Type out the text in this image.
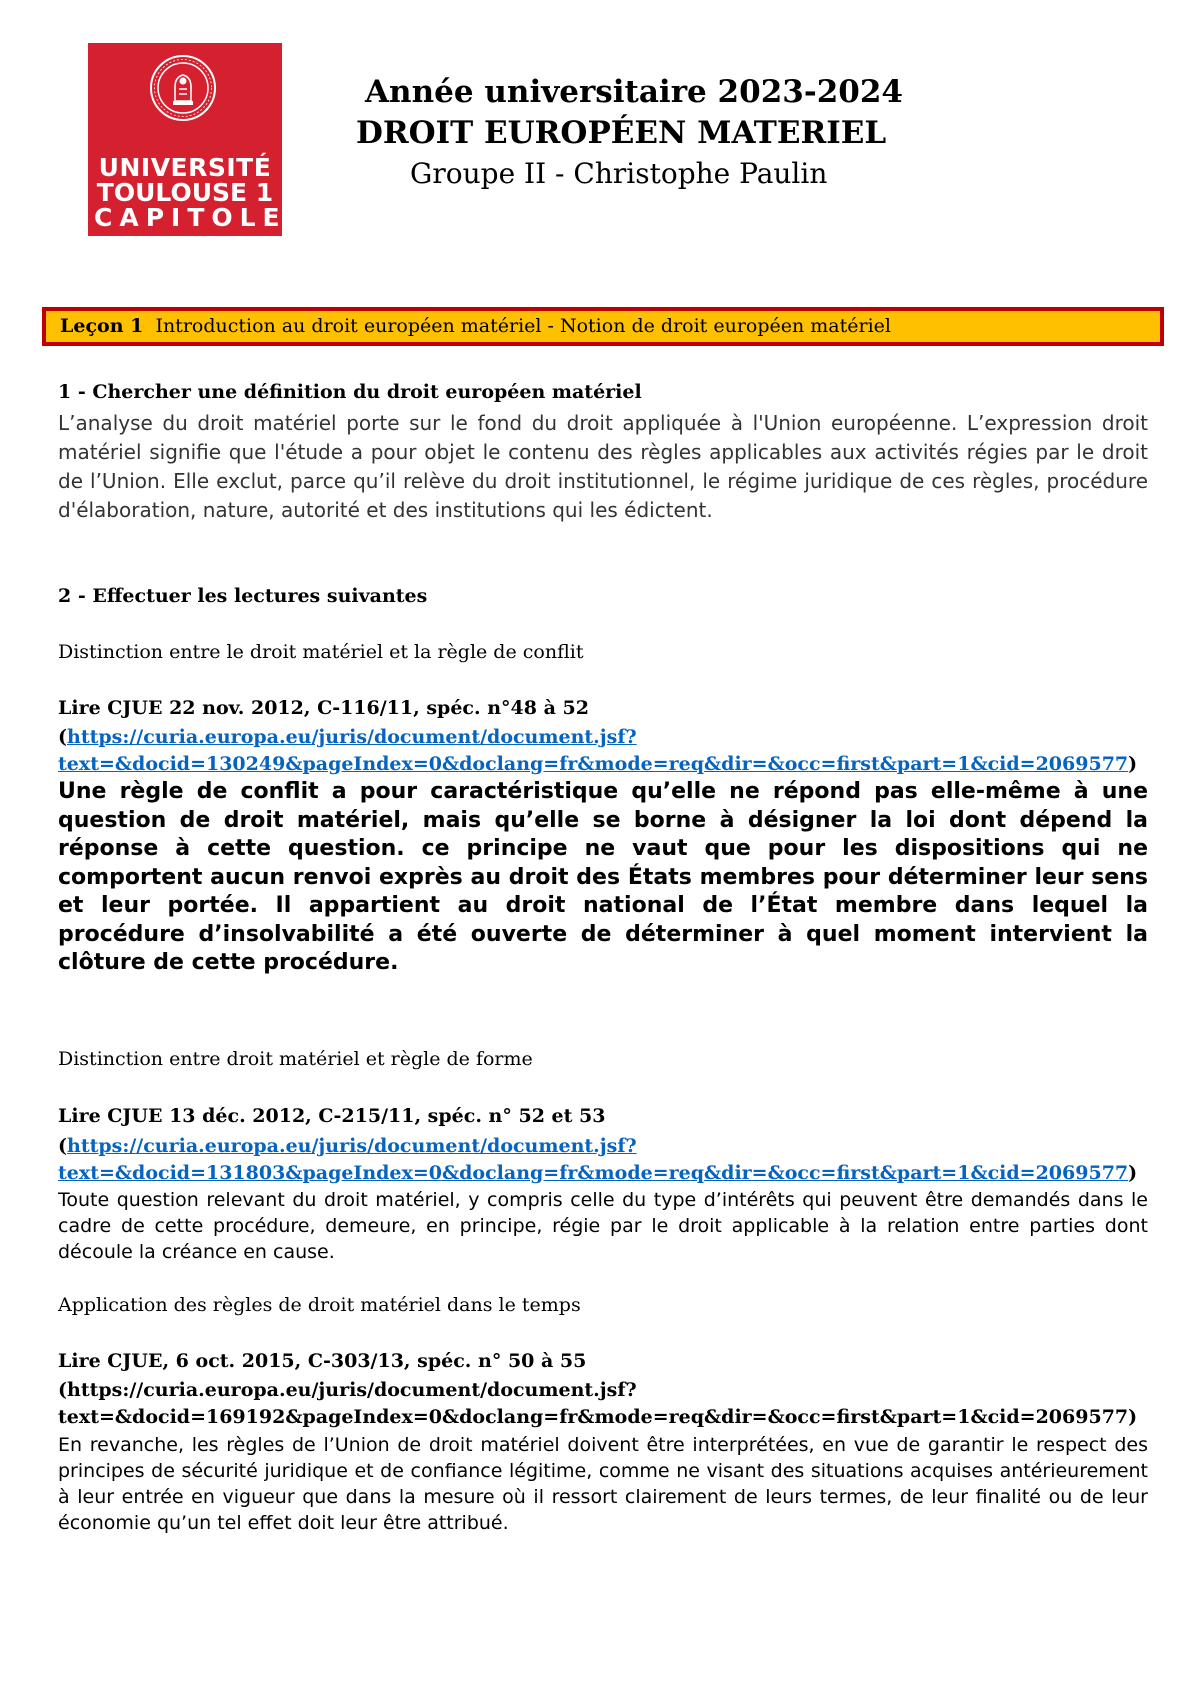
UNIVERSITÉ
TOULOUSE 1
CAPITOLE
Année universitaire 2023-2024
DROIT EUROPÉEN MATERIEL
Groupe II - Christophe Paulin
Leçon 1 Introduction au droit européen matériel - Notion de droit européen matériel
1 - Chercher une définition du droit européen matériel
L’analyse du droit matériel porte sur le fond du droit appliquée à l'Union européenne. L’expression droit matériel signifie que l'étude a pour objet le contenu des règles applicables aux activités régies par le droit de l’Union. Elle exclut, parce qu’il relève du droit institutionnel, le régime juridique de ces règles, procédure d'élaboration, nature, autorité et des institutions qui les édictent.
2 - Effectuer les lectures suivantes
Distinction entre le droit matériel et la règle de conflit
Lire CJUE 22 nov. 2012, C-116/11, spéc. n°48 à 52
(https://curia.europa.eu/juris/document/document.jsf?
text=&docid=130249&pageIndex=0&doclang=fr&mode=req&dir=&occ=first&part=1&cid=2069577)
Une règle de conflit a pour caractéristique qu’elle ne répond pas elle-même à une question de droit matériel, mais qu’elle se borne à désigner la loi dont dépend la réponse à cette question. ce principe ne vaut que pour les dispositions qui ne comportent aucun renvoi exprès au droit des États membres pour déterminer leur sens et leur portée. Il appartient au droit national de l’État membre dans lequel la procédure d’insolvabilité a été ouverte de déterminer à quel moment intervient la clôture de cette procédure.
Distinction entre droit matériel et règle de forme
Lire CJUE 13 déc. 2012, C-215/11, spéc. n° 52 et 53
(https://curia.europa.eu/juris/document/document.jsf?
text=&docid=131803&pageIndex=0&doclang=fr&mode=req&dir=&occ=first&part=1&cid=2069577)
Toute question relevant du droit matériel, y compris celle du type d’intérêts qui peuvent être demandés dans le cadre de cette procédure, demeure, en principe, régie par le droit applicable à la relation entre parties dont découle la créance en cause.
Application des règles de droit matériel dans le temps
Lire CJUE, 6 oct. 2015, C-303/13, spéc. n° 50 à 55
(https://curia.europa.eu/juris/document/document.jsf?
text=&docid=169192&pageIndex=0&doclang=fr&mode=req&dir=&occ=first&part=1&cid=2069577)
En revanche, les règles de l’Union de droit matériel doivent être interprétées, en vue de garantir le respect des principes de sécurité juridique et de confiance légitime, comme ne visant des situations acquises antérieurement à leur entrée en vigueur que dans la mesure où il ressort clairement de leurs termes, de leur finalité ou de leur économie qu’un tel effet doit leur être attribué.
